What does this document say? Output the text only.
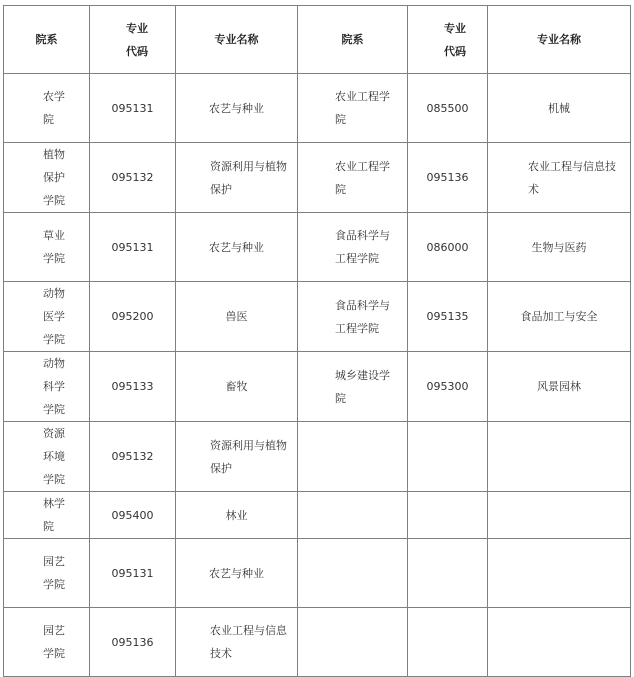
院系	专业代码	专业名称	院系	专业代码	专业名称
农学院	095131	农艺与种业	农业工程学院	085500	机械
植物保护学院	095132	资源利用与植物保护	农业工程学院	095136	农业工程与信息技术
草业学院	095131	农艺与种业	食品科学与工程学院	086000	生物与医药
动物医学学院	095200	兽医	食品科学与工程学院	095135	食品加工与安全
动物科学学院	095133	畜牧	城乡建设学院	095300	风景园林
资源环境学院	095132	资源利用与植物保护			
林学院	095400	林业			
园艺学院	095131	农艺与种业			
园艺学院	095136	农业工程与信息技术			
